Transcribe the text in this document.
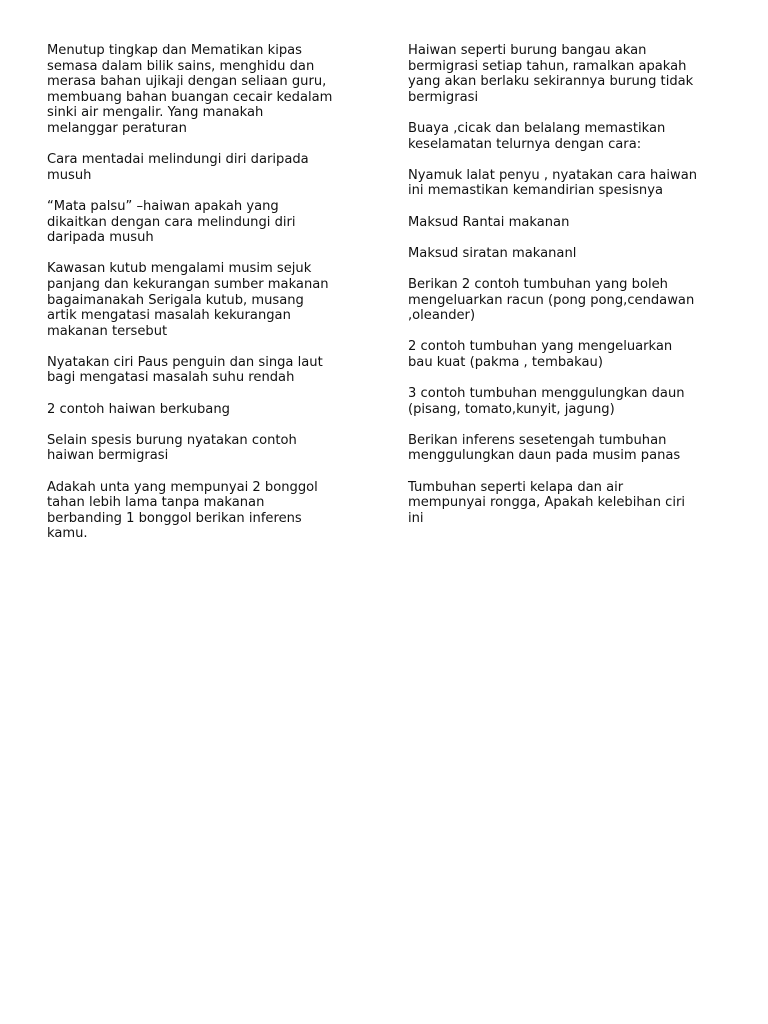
Menutup tingkap dan Mematikan kipas
semasa dalam bilik sains, menghidu dan
merasa bahan ujikaji dengan seliaan guru,
membuang bahan buangan cecair kedalam
sinki air mengalir. Yang manakah
melanggar peraturan

Cara mentadai melindungi diri daripada
musuh

“Mata palsu” –haiwan apakah yang
dikaitkan dengan cara melindungi diri
daripada musuh

Kawasan kutub mengalami musim sejuk
panjang dan kekurangan sumber makanan
bagaimanakah Serigala kutub, musang
artik mengatasi masalah kekurangan
makanan tersebut

Nyatakan ciri Paus penguin dan singa laut
bagi mengatasi masalah suhu rendah

2 contoh haiwan berkubang

Selain spesis burung nyatakan contoh
haiwan bermigrasi

Adakah unta yang mempunyai 2 bonggol
tahan lebih lama tanpa makanan
berbanding 1 bonggol berikan inferens
kamu.

Haiwan seperti burung bangau akan
bermigrasi setiap tahun, ramalkan apakah
yang akan berlaku sekirannya burung tidak
bermigrasi

Buaya ,cicak dan belalang memastikan
keselamatan telurnya dengan cara:

Nyamuk lalat penyu , nyatakan cara haiwan
ini memastikan kemandirian spesisnya

Maksud Rantai makanan

Maksud siratan makananl

Berikan 2 contoh tumbuhan yang boleh
mengeluarkan racun (pong pong,cendawan
,oleander)

2 contoh tumbuhan yang mengeluarkan
bau kuat (pakma , tembakau)

3 contoh tumbuhan menggulungkan daun
(pisang, tomato,kunyit, jagung)

Berikan inferens sesetengah tumbuhan
menggulungkan daun pada musim panas

Tumbuhan seperti kelapa dan air
mempunyai rongga, Apakah kelebihan ciri
ini
